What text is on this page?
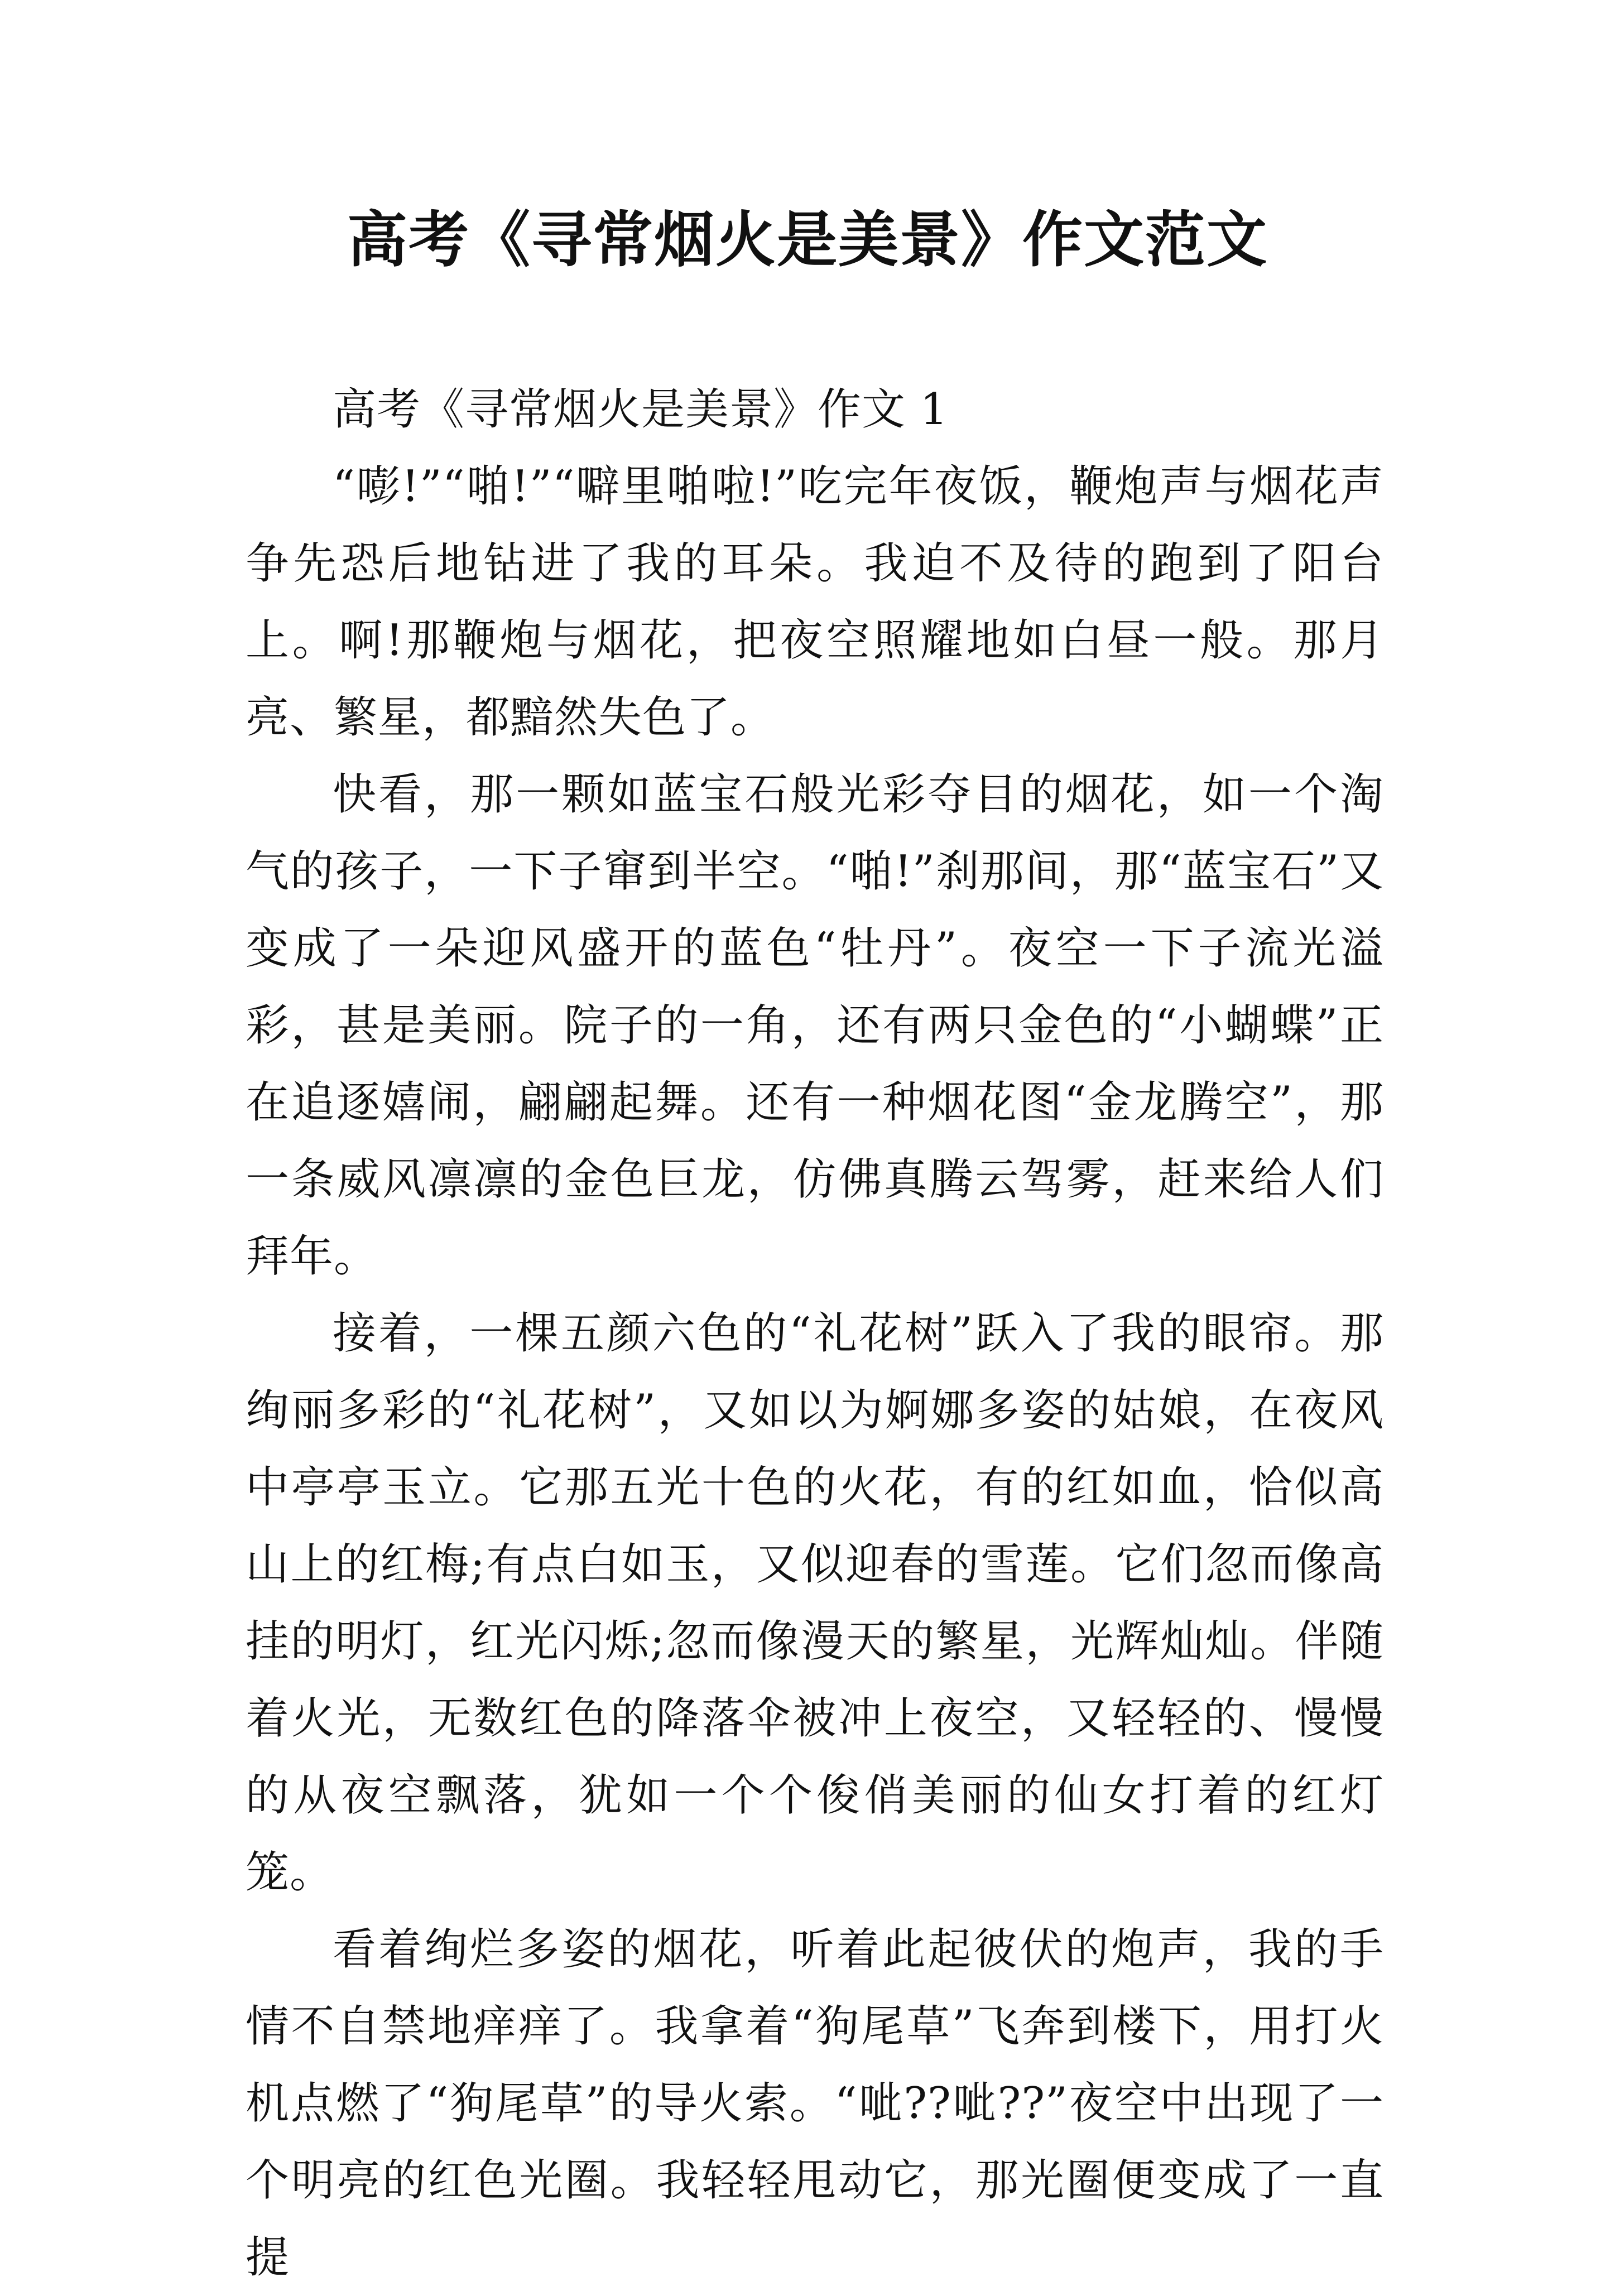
高考《寻常烟火是美景》作文范文

高考《寻常烟火是美景》作文 1

“嘭!”“啪!”“噼里啪啦!”吃完年夜饭，鞭炮声与烟花声争先恐后地钻进了我的耳朵。我迫不及待的跑到了阳台上。啊!那鞭炮与烟花，把夜空照耀地如白昼一般。那月亮、繁星，都黯然失色了。

快看，那一颗如蓝宝石般光彩夺目的烟花，如一个淘气的孩子，一下子窜到半空。“啪!”刹那间，那“蓝宝石”又变成了一朵迎风盛开的蓝色“牡丹”。夜空一下子流光溢彩，甚是美丽。院子的一角，还有两只金色的“小蝴蝶”正在追逐嬉闹，翩翩起舞。还有一种烟花图“金龙腾空”，那一条威风凛凛的金色巨龙，仿佛真腾云驾雾，赶来给人们拜年。

接着，一棵五颜六色的“礼花树”跃入了我的眼帘。那绚丽多彩的“礼花树”，又如以为婀娜多姿的姑娘，在夜风中亭亭玉立。它那五光十色的火花，有的红如血，恰似高山上的红梅;有点白如玉，又似迎春的雪莲。它们忽而像高挂的明灯，红光闪烁;忽而像漫天的繁星，光辉灿灿。伴随着火光，无数红色的降落伞被冲上夜空，又轻轻的、慢慢的从夜空飘落，犹如一个个俊俏美丽的仙女打着的红灯笼。

看着绚烂多姿的烟花，听着此起彼伏的炮声，我的手情不自禁地痒痒了。我拿着“狗尾草”飞奔到楼下，用打火机点燃了“狗尾草”的导火索。“呲??呲??”夜空中出现了一个明亮的红色光圈。我轻轻甩动它，那光圈便变成了一直提
